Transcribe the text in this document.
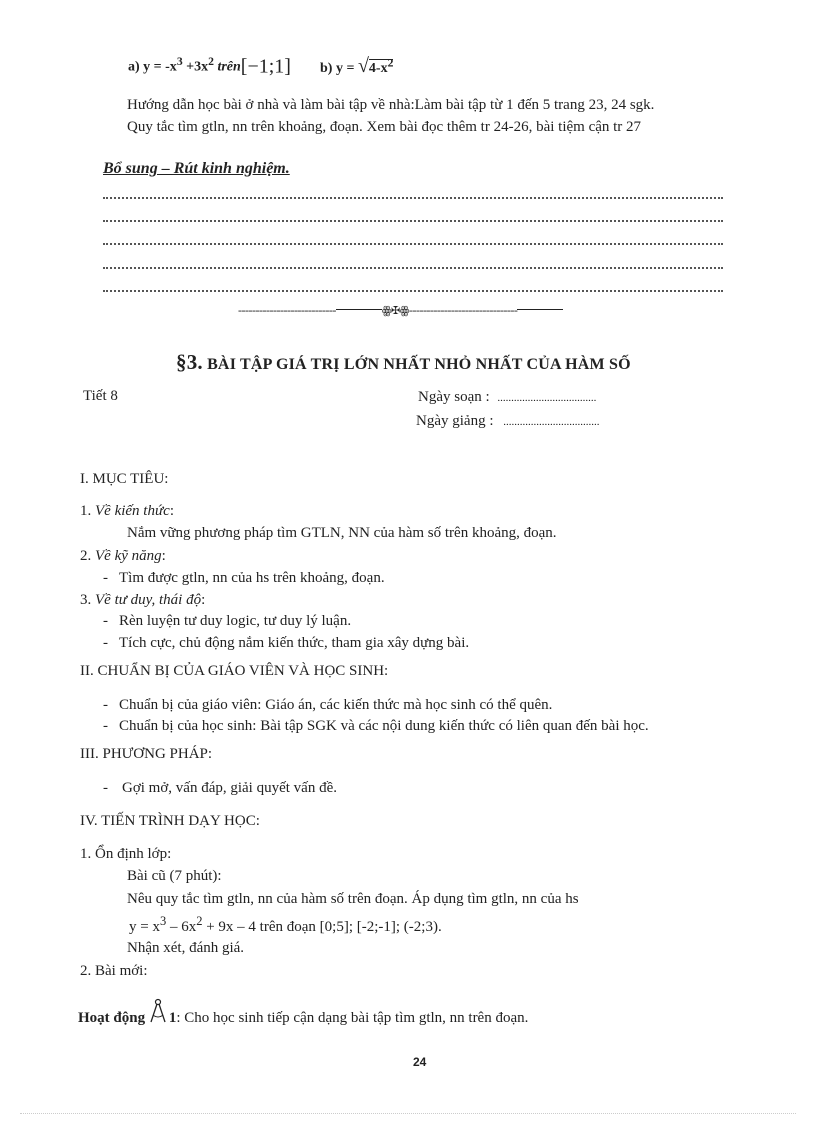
a) $y = -x^3 +3x^2$ trên[−1;1] b) $y = √4-x^2$
Hướng dẫn học bài ở nhà và làm bài tập về nhà:Làm bài tập từ 1 đến 5 trang 23, 24 sgk.
Quy tắc tìm gtln, nn trên khoảng, đoạn. Xem bài đọc thêm tr 24-26, bài tiệm cận tr 27
Bổ sung – Rút kinh nghiệm.
----------------------------	ꙮ✠ꙮ-------------------------------
§3. BÀI TẬP GIÁ TRỊ LỚN NHẤT NHỎ NHẤT CỦA HÀM SỐ
Tiết 8	Ngày soạn : ....................................
Ngày giảng : ...................................
I. MỤC TIÊU:
1. Về kiến thức:
Nắm vững phương pháp tìm GTLN, NN của hàm số trên khoảng, đoạn.
2. Về kỹ năng:
- Tìm được gtln, nn của hs trên khoảng, đoạn.
3. Về tư duy, thái độ:
- Rèn luyện tư duy logic, tư duy lý luận.
- Tích cực, chủ động nắm kiến thức, tham gia xây dựng bài.
II. CHUẨN BỊ CỦA GIÁO VIÊN VÀ HỌC SINH:
- Chuẩn bị của giáo viên: Giáo án, các kiến thức mà học sinh có thể quên.
- Chuẩn bị của học sinh: Bài tập SGK và các nội dung kiến thức có liên quan đến bài học.
III. PHƯƠNG PHÁP:
- Gợi mở, vấn đáp, giải quyết vấn đề.
IV. TIẾN TRÌNH DẠY HỌC:
1. Ổn định lớp:
Bài cũ (7 phút):
Nêu quy tắc tìm gtln, nn của hàm số trên đoạn. Áp dụng tìm gtln, nn của hs
$y = x^3 - 6x^2 + 9x - 4$ trên đoạn [0;5]; [-2;-1]; (-2;3).
Nhận xét, đánh giá.
2. Bài mới:
Hoạt động 1: Cho học sinh tiếp cận dạng bài tập tìm gtln, nn trên đoạn.
24
